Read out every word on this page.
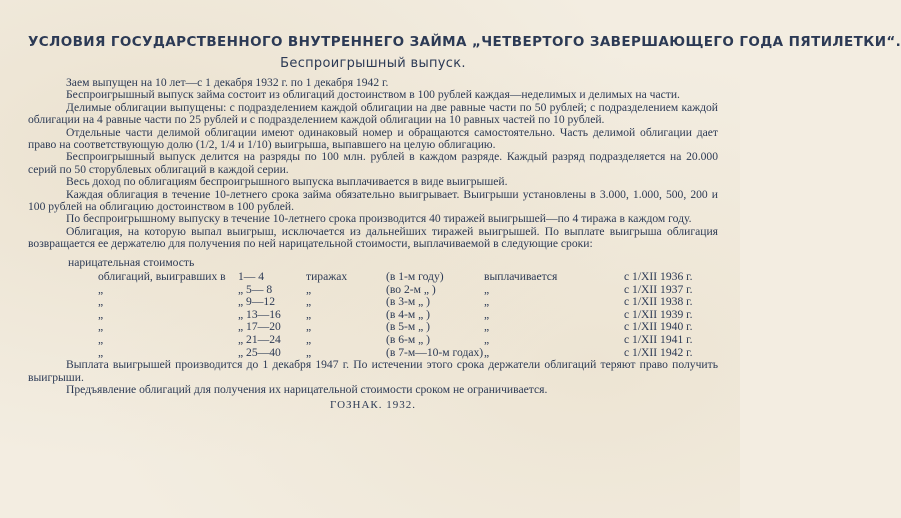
УСЛОВИЯ ГОСУДАРСТВЕННОГО ВНУТРЕННЕГО ЗАЙМА „ЧЕТВЕРТОГО ЗАВЕРШАЮЩЕГО ГОДА ПЯТИЛЕТКИ“.
Беспроигрышный выпуск.

Заем выпущен на 10 лет—с 1 декабря 1932 г. по 1 декабря 1942 г.

Беспроигрышный выпуск займа состоит из облигаций достоинством в 100 рублей каждая—неделимых и делимых на части.

Делимые облигации выпущены: с подразделением каждой облигации на две равные части по 50 рублей; с подразделением каждой облигации на 4 равные части по 25 рублей и с подразделением каждой облигации на 10 равных частей по 10 рублей.

Отдельные части делимой облигации имеют одинаковый номер и обращаются самостоятельно. Часть делимой облигации дает право на соответствующую долю (1/2, 1/4 и 1/10) выигрыша, выпавшего на целую облигацию.

Беспроигрышный выпуск делится на разряды по 100 млн. рублей в каждом разряде. Каждый разряд подразделяется на 20.000 серий по 50 сторублевых облигаций в каждой серии.

Весь доход по облигациям беспроигрышного выпуска выплачивается в виде выигрышей.

Каждая облигация в течение 10-летнего срока займа обязательно выигрывает. Выигрыши установлены в 3.000, 1.000, 500, 200 и 100 рублей на облигацию достоинством в 100 рублей.

По беспроигрышному выпуску в течение 10-летнего срока производится 40 тиражей выигрышей—по 4 тиража в каждом году.

Облигация, на которую выпал выигрыш, исключается из дальнейших тиражей выигрышей. По выплате выигрыша облигация возвращается ее держателю для получения по ней нарицательной стоимости, выплачиваемой в следующие сроки:

нарицательная стоимость
облигаций, выигравших в	1— 4	тиражах	(в 1-м году)	выплачивается	с 1/XII 1936 г.
„	„ 5— 8	„	(во 2-м „ )	„	с 1/XII 1937 г.
„	„ 9—12	„	(в 3-м „ )	„	с 1/XII 1938 г.
„	„ 13—16	„	(в 4-м „ )	„	с 1/XII 1939 г.
„	„ 17—20	„	(в 5-м „ )	„	с 1/XII 1940 г.
„	„ 21—24	„	(в 6-м „ )	„	с 1/XII 1941 г.
„	„ 25—40	„	(в 7-м—10-м годах)	„	с 1/XII 1942 г.

Выплата выигрышей производится до 1 декабря 1947 г. По истечении этого срока держатели облигаций теряют право получить выигрыши.

Предъявление облигаций для получения их нарицательной стоимости сроком не ограничивается.

ГОЗНАК. 1932.
